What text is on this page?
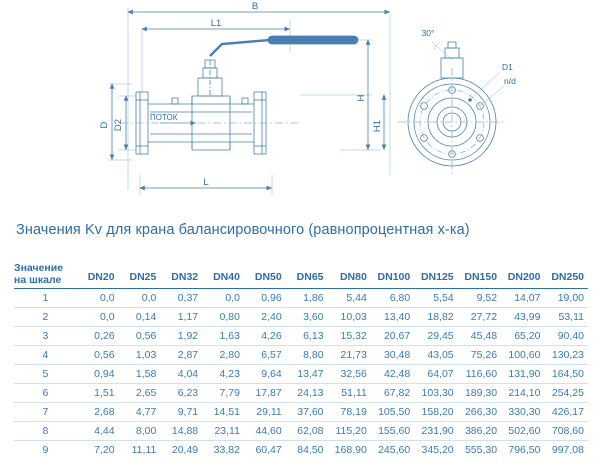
B
L1
L
D D2
H
H1
ПОТОК
30°
D1
n/d
Значения Kv для крана балансировочного (равнопроцентная х-ка)
Значение
на шкале	DN20	DN25	DN32	DN40	DN50	DN65	DN80	DN100	DN125	DN150	DN200	DN250
1	0,0	0,0	0,37	0,0	0,96	1,86	5,44	6,80	5,54	9,52	14,07	19,00
2	0,0	0,14	1,17	0,80	2,40	3,60	10,03	13,40	18,82	27,72	43,99	53,11
3	0,26	0,56	1,92	1,63	4,26	6,13	15,32	20,67	29,45	45,48	65,20	90,40
4	0,56	1,03	2,87	2,80	6,57	8,80	21,73	30,48	43,05	75,26	100,60	130,23
5	0,94	1,58	4,04	4,23	9,64	13,47	32,56	42,48	64,07	116,60	131,90	164,50
6	1,51	2,65	6,23	7,79	17,87	24,13	51,11	67,82	103,30	189,30	214,10	254,25
7	2,68	4,77	9,71	14,51	29,11	37,60	78,19	105,50	158,20	266,30	330,30	426,17
8	4,44	8,00	14,88	23,11	44,60	62,08	115,20	155,60	231,90	386,20	502,60	708,60
9	7,20	11,11	20,49	33,82	60,47	84,50	168,90	245,60	345,20	555,30	796,50	997,08
